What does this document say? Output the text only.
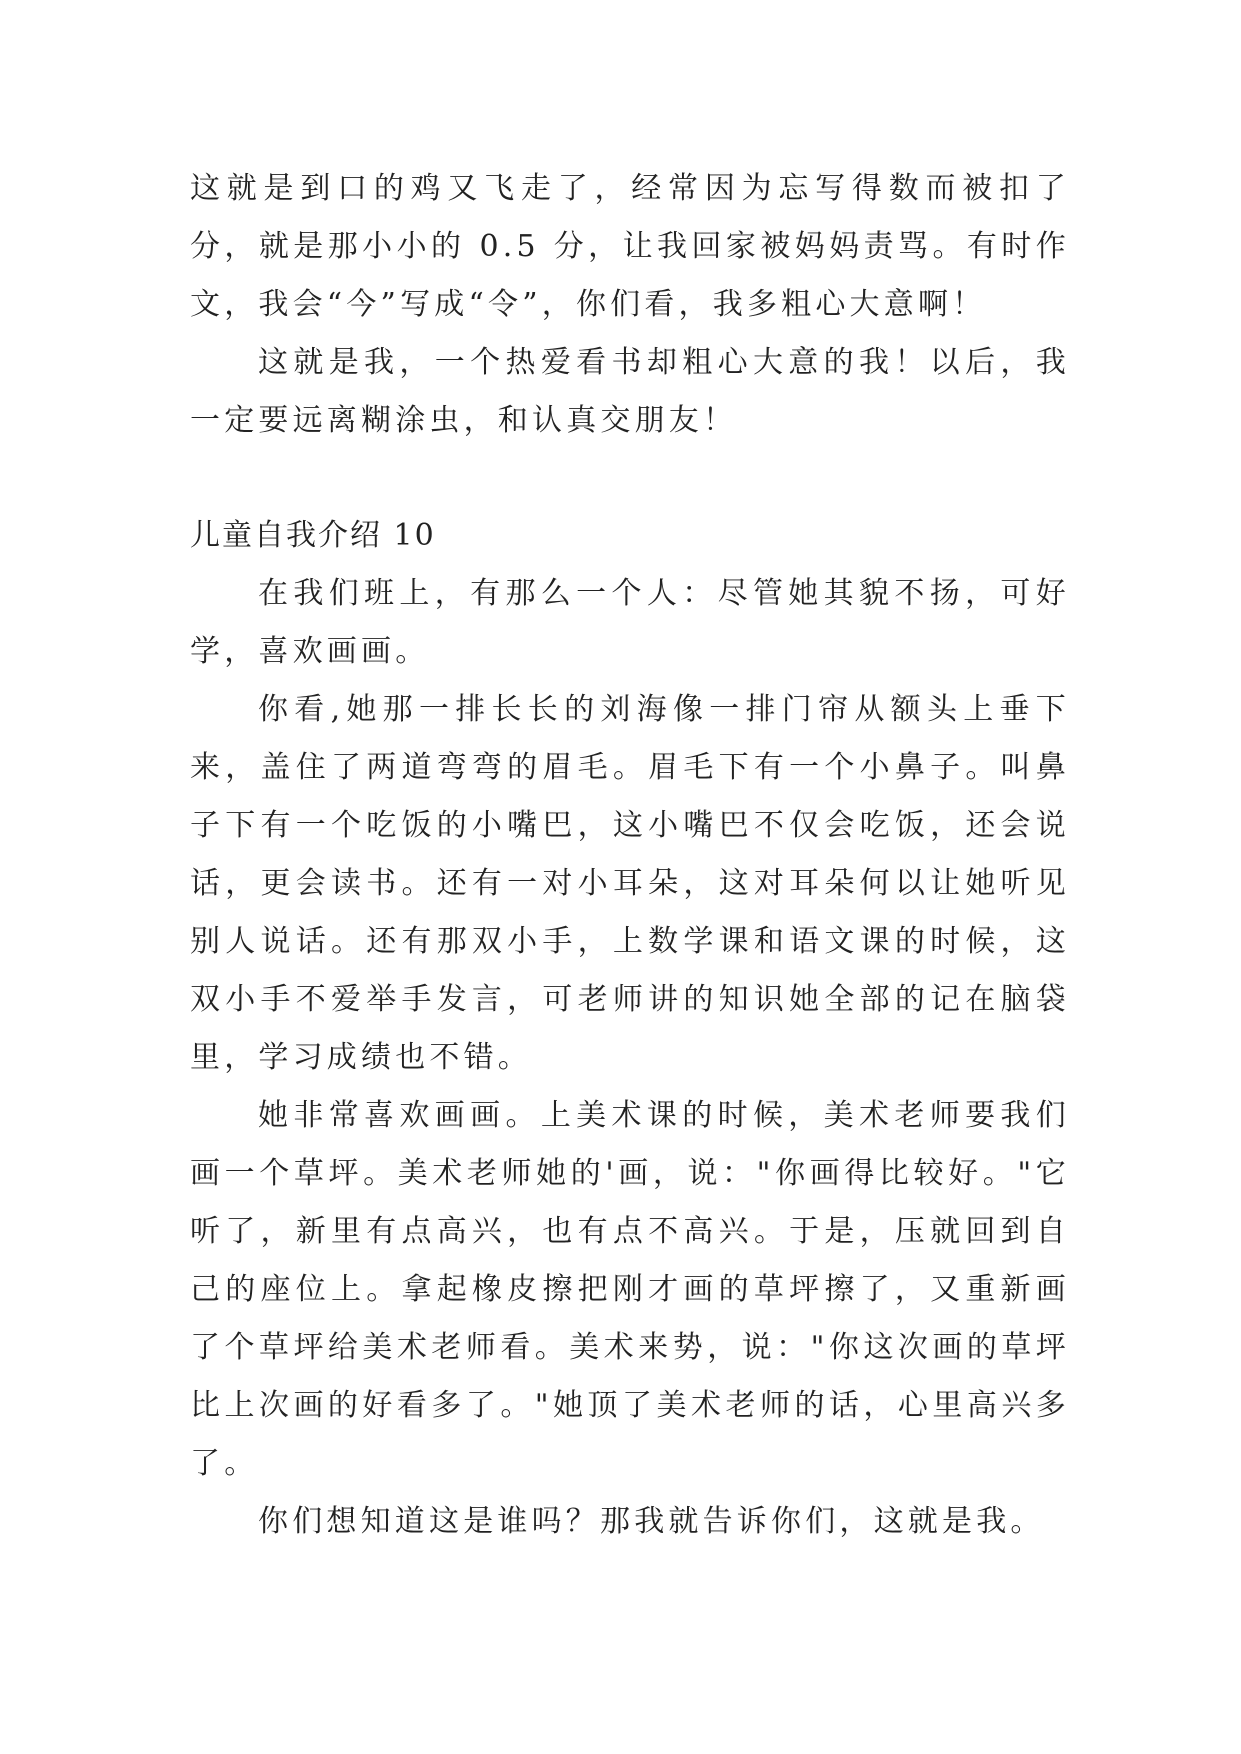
这就是到口的鸡又飞走了，经常因为忘写得数而被扣了分，就是那小小的 0.5 分，让我回家被妈妈责骂。有时作文，我会“今”写成“令”，你们看，我多粗心大意啊！

这就是我，一个热爱看书却粗心大意的我！以后，我一定要远离糊涂虫，和认真交朋友！

儿童自我介绍 10

在我们班上，有那么一个人：尽管她其貌不扬，可好学，喜欢画画。

你看,她那一排长长的刘海像一排门帘从额头上垂下来，盖住了两道弯弯的眉毛。眉毛下有一个小鼻子。叫鼻子下有一个吃饭的小嘴巴，这小嘴巴不仅会吃饭，还会说话，更会读书。还有一对小耳朵，这对耳朵何以让她听见别人说话。还有那双小手，上数学课和语文课的时候，这双小手不爱举手发言，可老师讲的知识她全部的记在脑袋里，学习成绩也不错。

她非常喜欢画画。上美术课的时候，美术老师要我们画一个草坪。美术老师她的'画，说："你画得比较好。"它听了，新里有点高兴，也有点不高兴。于是，压就回到自己的座位上。拿起橡皮擦把刚才画的草坪擦了，又重新画了个草坪给美术老师看。美术来势，说："你这次画的草坪比上次画的好看多了。"她顶了美术老师的话，心里高兴多了。

你们想知道这是谁吗？那我就告诉你们，这就是我。
